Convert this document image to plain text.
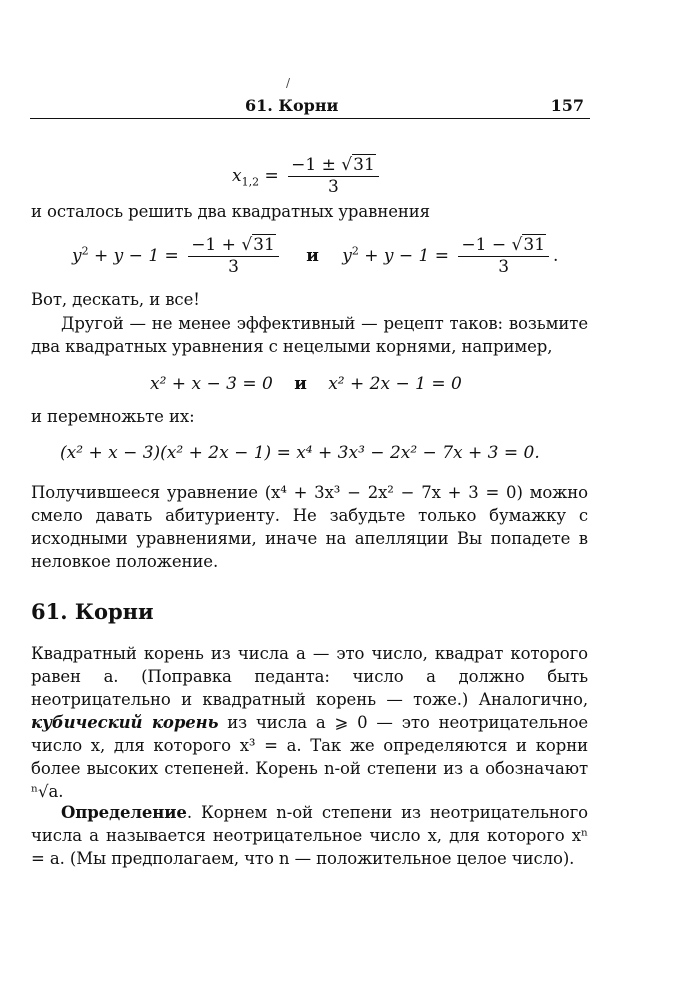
/
61. Корни	157
$x_{1,2} = \frac{-1 \pm √31}{3}$
и осталось решить два квадратных уравнения
$y^2 + y - 1 = \frac{-1 + √31}{3}$ и $y^2 + y - 1 = \frac{-1 - √31}{3}$ .
Вот, дескать, и все!
Другой — не менее эффективный — рецепт таков: возьмите два квадратных уравнения с нецелыми корнями, например,
x² + x − 3 = 0 и x² + 2x − 1 = 0
и перемножьте их:
(x² + x − 3)(x² + 2x − 1) = x⁴ + 3x³ − 2x² − 7x + 3 = 0.
Получившееся уравнение (x⁴ + 3x³ − 2x² − 7x + 3 = 0) можно смело давать абитуриенту. Не забудьте только бумажку с исходными уравнениями, иначе на апелляции Вы попадете в неловкое положение.
61. Корни
Квадратный корень из числа a — это число, квадрат которого равен a. (Поправка педанта: число a должно быть неотрицательно и квадратный корень — тоже.) Аналогично, кубический корень из числа a ⩾ 0 — это неотрицательное число x, для которого x³ = a. Так же определяются и корни более высоких степеней. Корень n-ой степени из a обозначают ⁿ√a.
Определение. Корнем n-ой степени из неотрицательного числа a называется неотрицательное число x, для которого xⁿ = a. (Мы предполагаем, что n — положительное целое число).
